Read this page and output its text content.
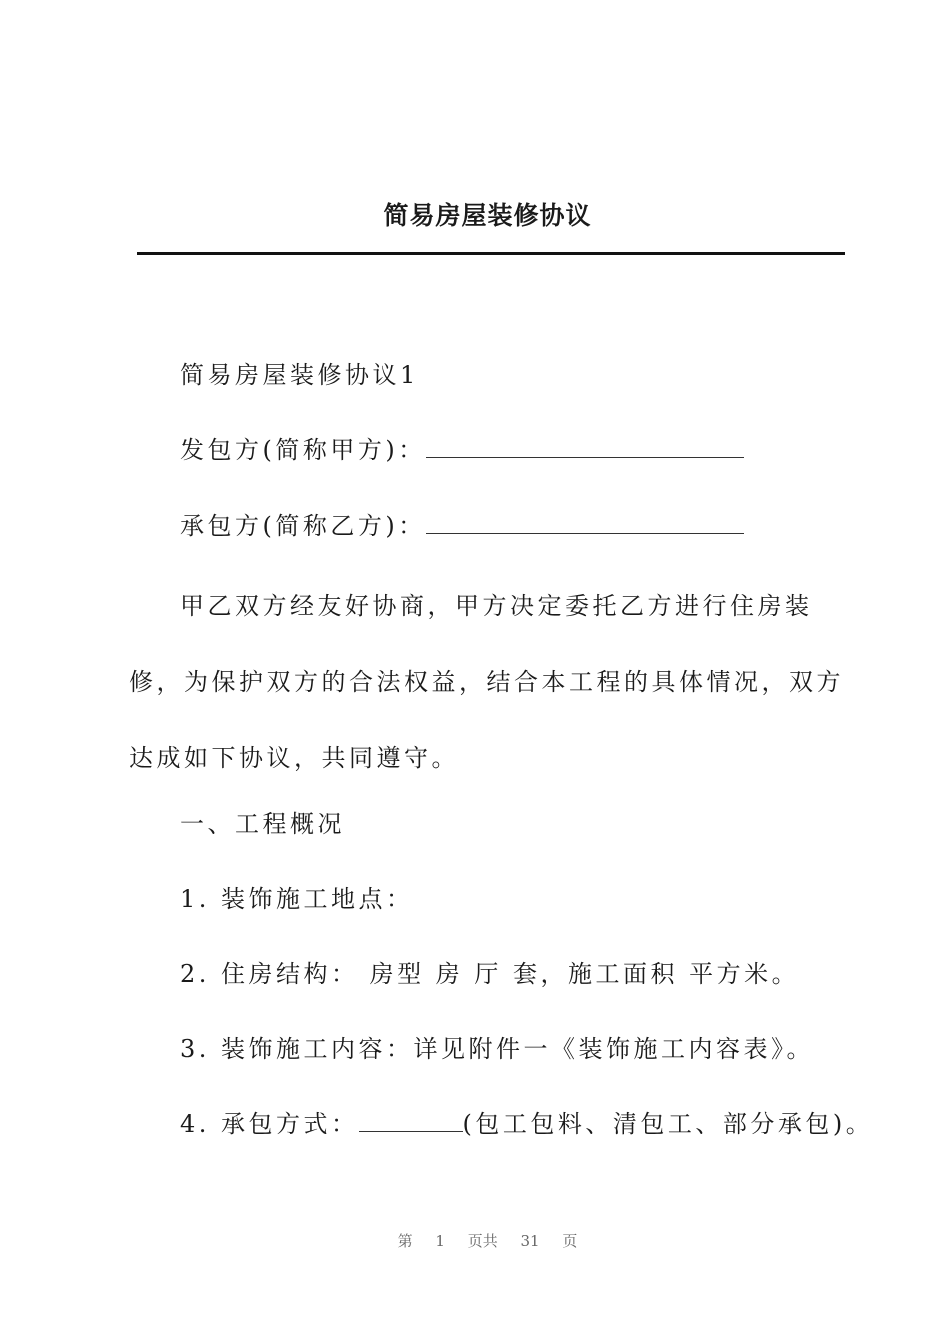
简易房屋装修协议
简易房屋装修协议1
发包方(简称甲方)：
承包方(简称乙方)：
甲乙双方经友好协商，甲方决定委托乙方进行住房装修，为保护双方的合法权益，结合本工程的具体情况，双方达成如下协议，共同遵守。
一、工程概况
1. 装饰施工地点：
2. 住房结构： 房型 房 厅 套，施工面积 平方米。
3. 装饰施工内容：详见附件一《装饰施工内容表》。
4. 承包方式：	(包工包料、清包工、部分承包)。
第 1 页共 31 页
